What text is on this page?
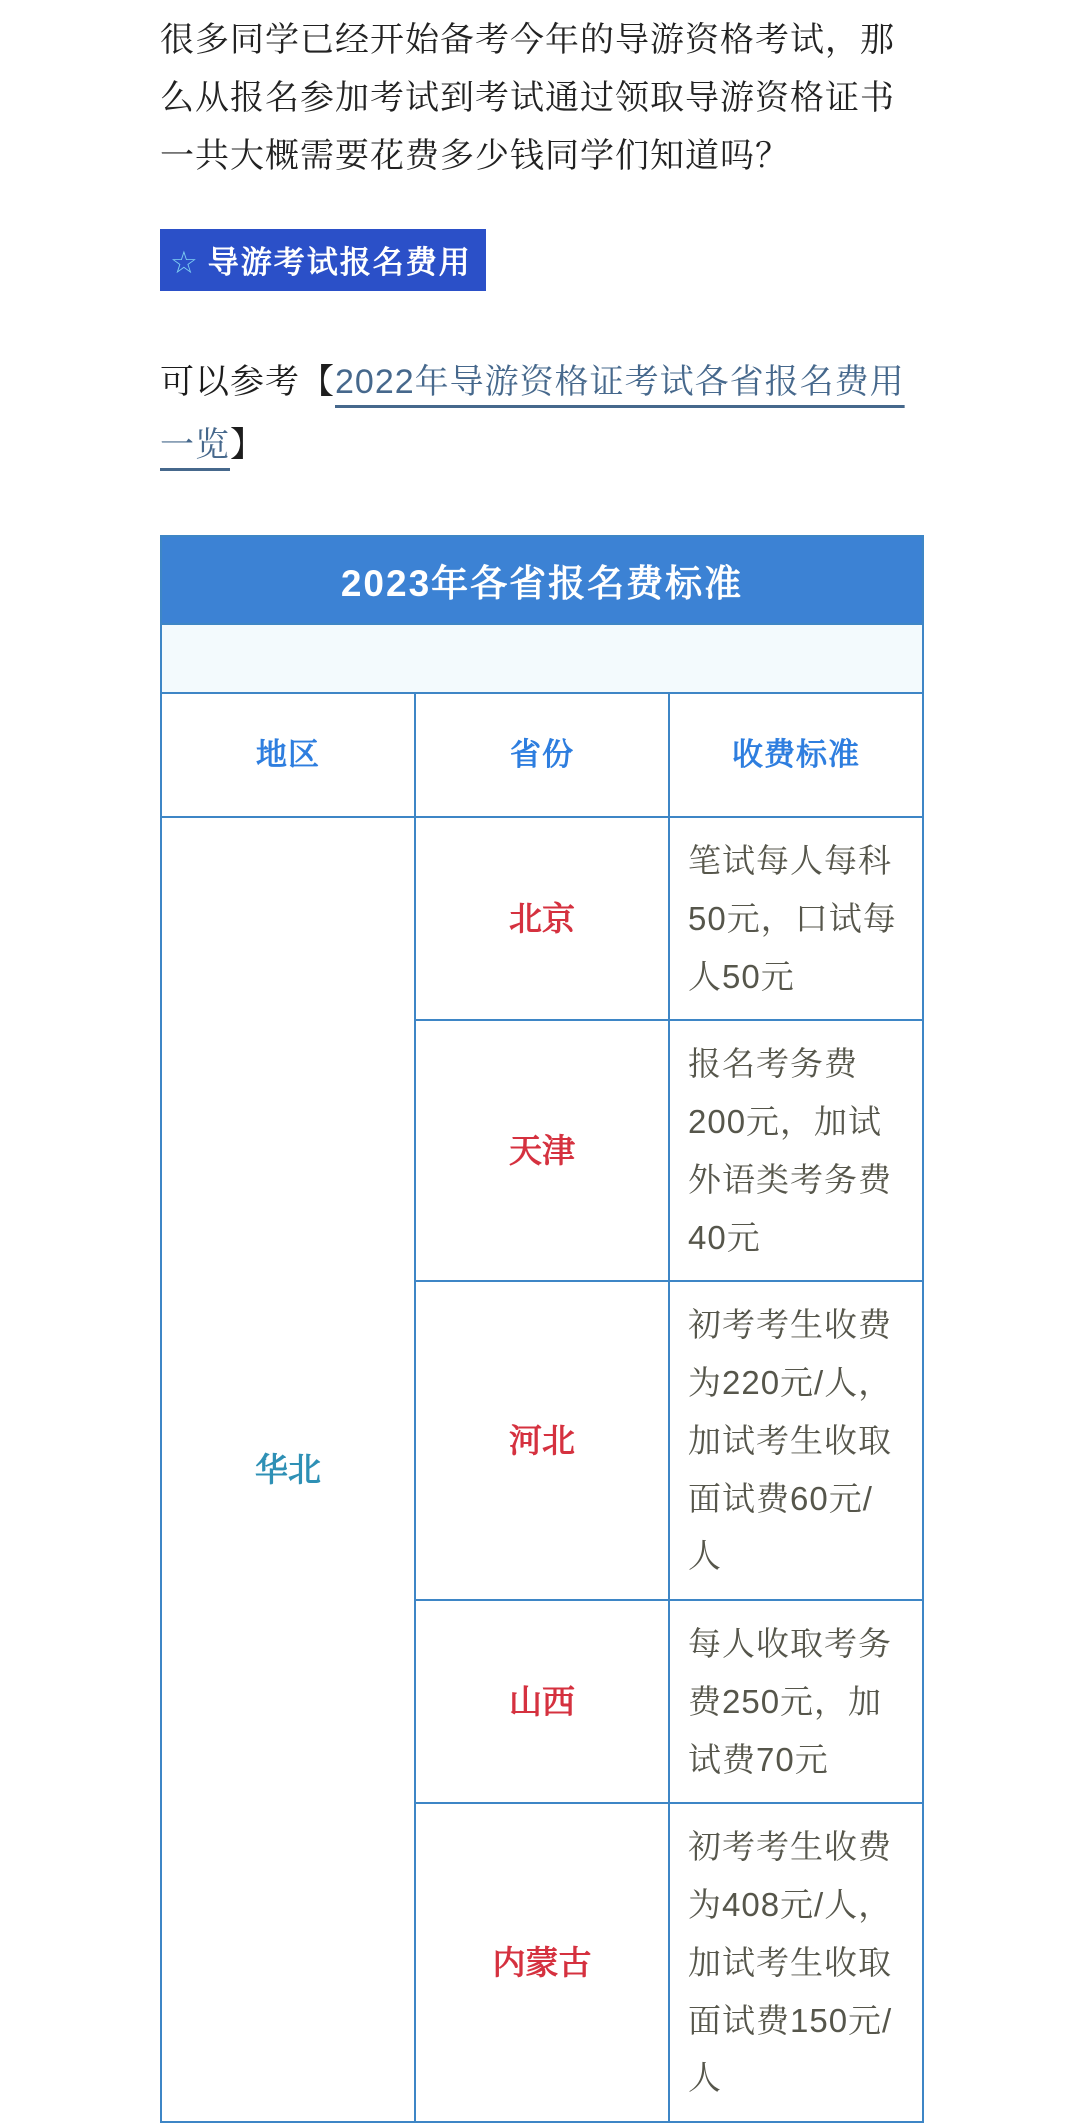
很多同学已经开始备考今年的导游资格考试，那么从报名参加考试到考试通过领取导游资格证书一共大概需要花费多少钱同学们知道吗？

☆ 导游考试报名费用

可以参考【2022年导游资格证考试各省报名费用一览】

2023年各省报名费标准		

地区	省份	收费标准
华北	北京	笔试每人每科50元，口试每人50元
	天津	报名考务费200元，加试外语类考务费40元
	河北	初考考生收费为220元/人，加试考生收取面试费60元/人
	山西	每人收取考务费250元，加试费70元
	内蒙古	初考考生收费为408元/人，加试考生收取面试费150元/人
